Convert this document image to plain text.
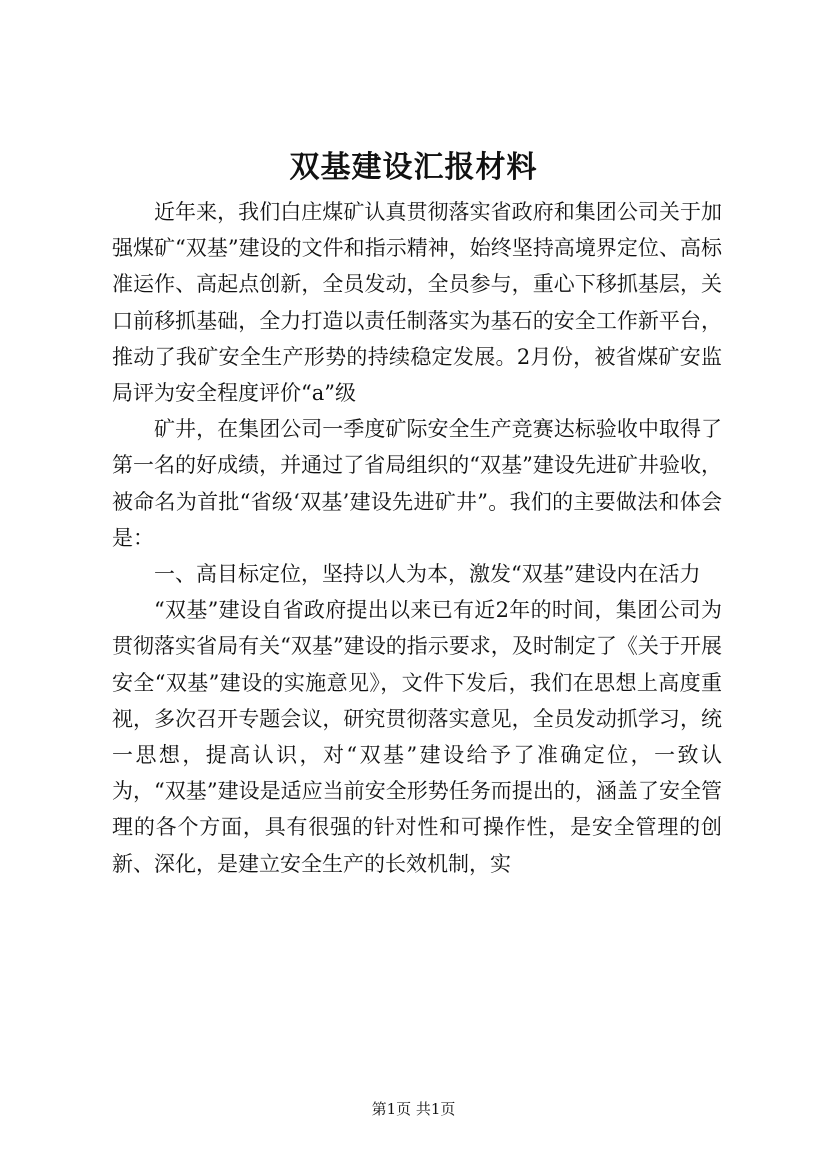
双基建设汇报材料

近年来，我们白庄煤矿认真贯彻落实省政府和集团公司关于加强煤矿“双基”建设的文件和指示精神，始终坚持高境界定位、高标准运作、高起点创新，全员发动，全员参与，重心下移抓基层，关口前移抓基础，全力打造以责任制落实为基石的安全工作新平台，推动了我矿安全生产形势的持续稳定发展。2月份，被省煤矿安监局评为安全程度评价“a”级

矿井，在集团公司一季度矿际安全生产竞赛达标验收中取得了第一名的好成绩，并通过了省局组织的“双基”建设先进矿井验收，被命名为首批“省级‘双基’建设先进矿井”。我们的主要做法和体会是：

一、高目标定位，坚持以人为本，激发“双基”建设内在活力

“双基”建设自省政府提出以来已有近2年的时间，集团公司为贯彻落实省局有关“双基”建设的指示要求，及时制定了《关于开展安全“双基”建设的实施意见》，文件下发后，我们在思想上高度重视，多次召开专题会议，研究贯彻落实意见，全员发动抓学习，统一思想，提高认识，对“双基”建设给予了准确定位，一致认为，“双基”建设是适应当前安全形势任务而提出的，涵盖了安全管理的各个方面，具有很强的针对性和可操作性，是安全管理的创新、深化，是建立安全生产的长效机制，实

第1页 共1页
